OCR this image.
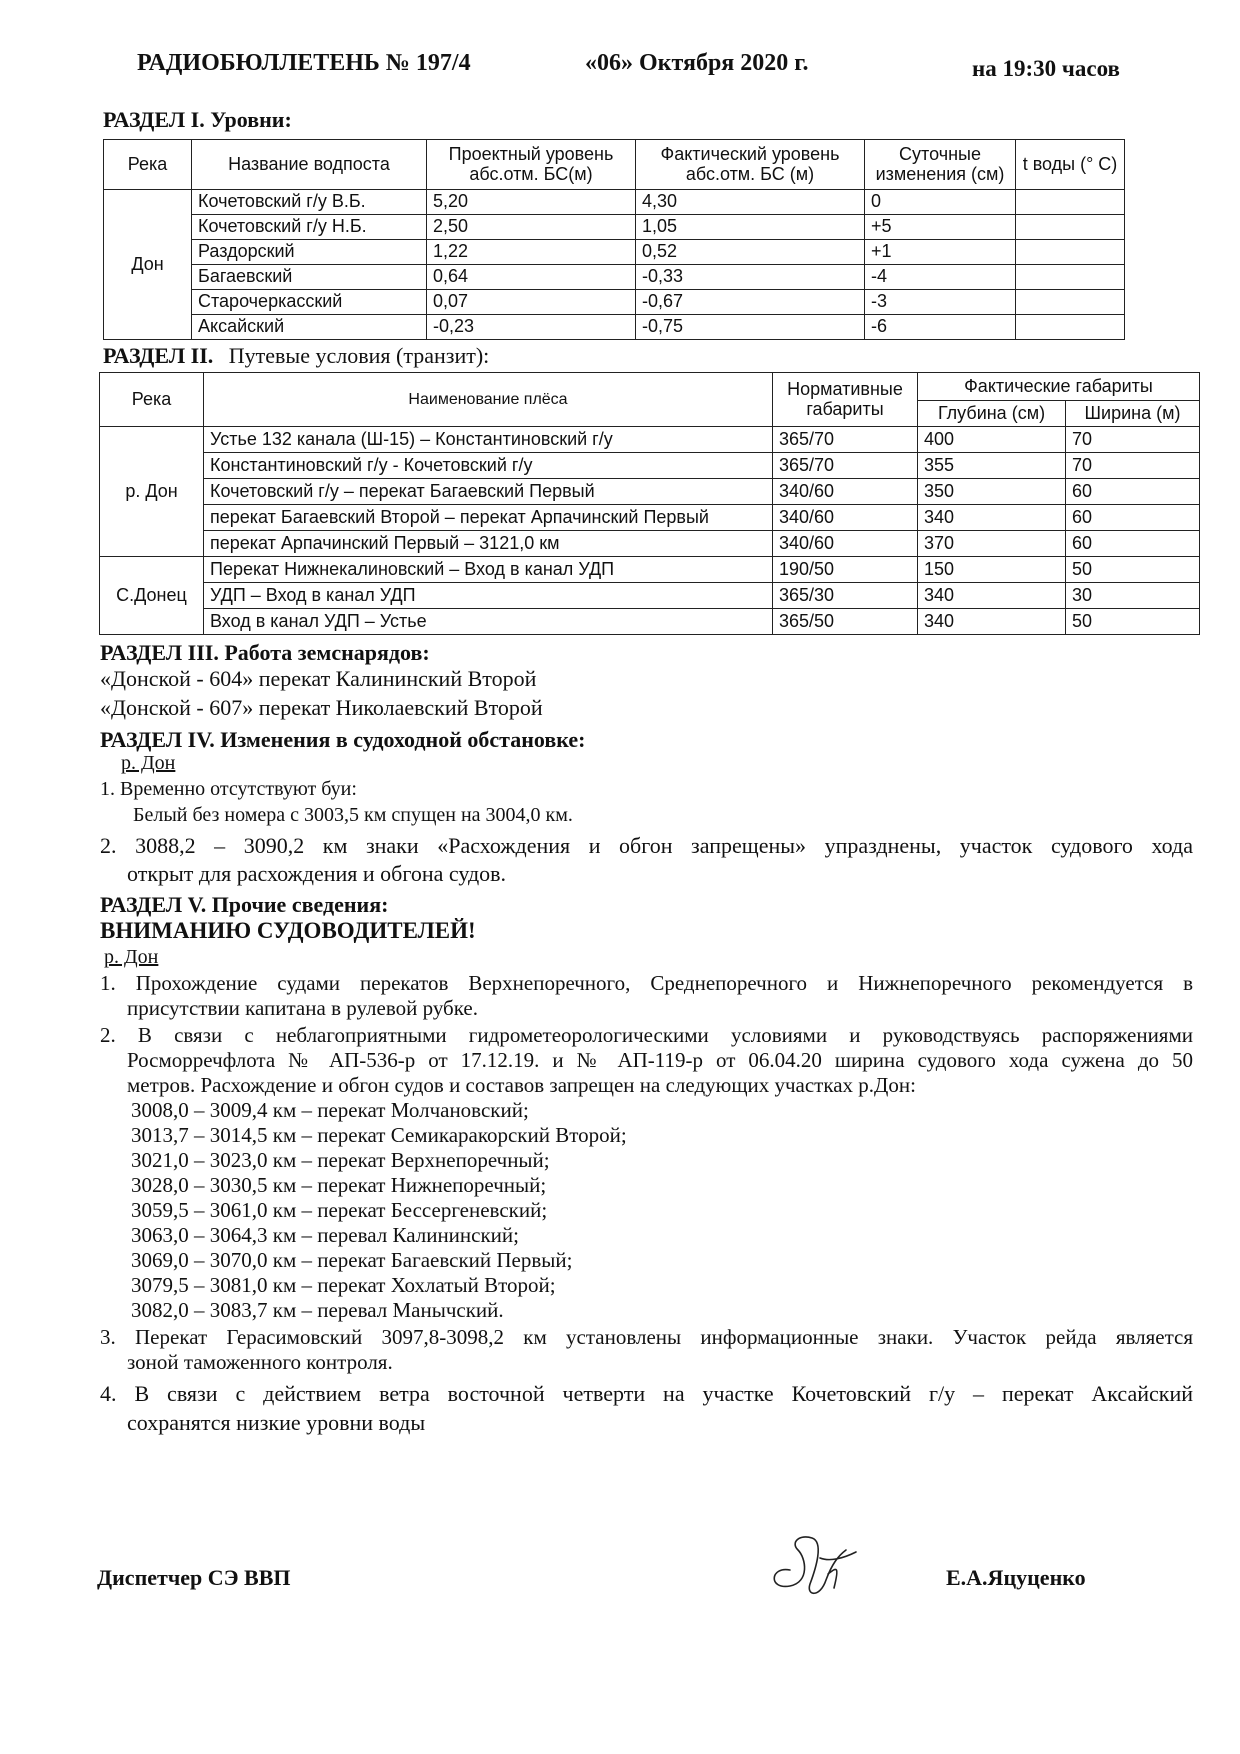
РАДИОБЮЛЛЕТЕНЬ № 197/4	«06» Октября 2020 г.	на 19:30 часов
РАЗДЕЛ I. Уровни:
Река	Название водпоста	Проектный уровень абс.отм. БС(м)	Фактический уровень абс.отм. БС (м)	Суточные изменения (см)	t воды (° С)
Дон	Кочетовский г/у В.Б.	5,20	4,30	0	
	Кочетовский г/у Н.Б.	2,50	1,05	+5	
	Раздорский	1,22	0,52	+1	
	Багаевский	0,64	-0,33	-4	
	Старочеркасский	0,07	-0,67	-3	
	Аксайский	-0,23	-0,75	-6	
РАЗДЕЛ II. Путевые условия (транзит):
Река	Наименование плёса	Нормативные габариты	Фактические габариты	
			Глубина (см)	Ширина (м)
р. Дон	Устье 132 канала (Ш-15) – Константиновский г/у	365/70	400	70
	Константиновский г/у - Кочетовский г/у	365/70	355	70
	Кочетовский г/у – перекат Багаевский Первый	340/60	350	60
	перекат Багаевский Второй – перекат Арпачинский Первый	340/60	340	60
	перекат Арпачинский Первый – 3121,0 км	340/60	370	60
С.Донец	Перекат Нижнекалиновский – Вход в канал УДП	190/50	150	50
	УДП – Вход в канал УДП	365/30	340	30
	Вход в канал УДП – Устье	365/50	340	50
РАЗДЕЛ III. Работа земснарядов:
«Донской - 604» перекат Калининский Второй
«Донской - 607» перекат Николаевский Второй
РАЗДЕЛ IV. Изменения в судоходной обстановке:
р. Дон
1. Временно отсутствуют буи:
Белый без номера с 3003,5 км спущен на 3004,0 км.
2. 3088,2 – 3090,2 км знаки «Расхождения и обгон запрещены» упразднены, участок судового хода
открыт для расхождения и обгона судов.
РАЗДЕЛ V. Прочие сведения:
ВНИМАНИЮ СУДОВОДИТЕЛЕЙ!
р. Дон
1. Прохождение судами перекатов Верхнепоречного, Среднепоречного и Нижнепоречного рекомендуется в
присутствии капитана в рулевой рубке.
2. В связи с неблагоприятными гидрометеорологическими условиями и руководствуясь распоряжениями
Росморречфлота № АП-536-р от 17.12.19. и № АП-119-р от 06.04.20 ширина судового хода сужена до 50
метров. Расхождение и обгон судов и составов запрещен на следующих участках р.Дон:
3008,0 – 3009,4 км – перекат Молчановский;
3013,7 – 3014,5 км – перекат Семикаракорский Второй;
3021,0 – 3023,0 км – перекат Верхнепоречный;
3028,0 – 3030,5 км – перекат Нижнепоречный;
3059,5 – 3061,0 км – перекат Бессергеневский;
3063,0 – 3064,3 км – перевал Калининский;
3069,0 – 3070,0 км – перекат Багаевский Первый;
3079,5 – 3081,0 км – перекат Хохлатый Второй;
3082,0 – 3083,7 км – перевал Манычский.
3. Перекат Герасимовский 3097,8-3098,2 км установлены информационные знаки. Участок рейда является
зоной таможенного контроля.
4. В связи с действием ветра восточной четверти на участке Кочетовский г/у – перекат Аксайский
сохранятся низкие уровни воды
Диспетчер СЭ ВВП	Е.А.Яцуценко
